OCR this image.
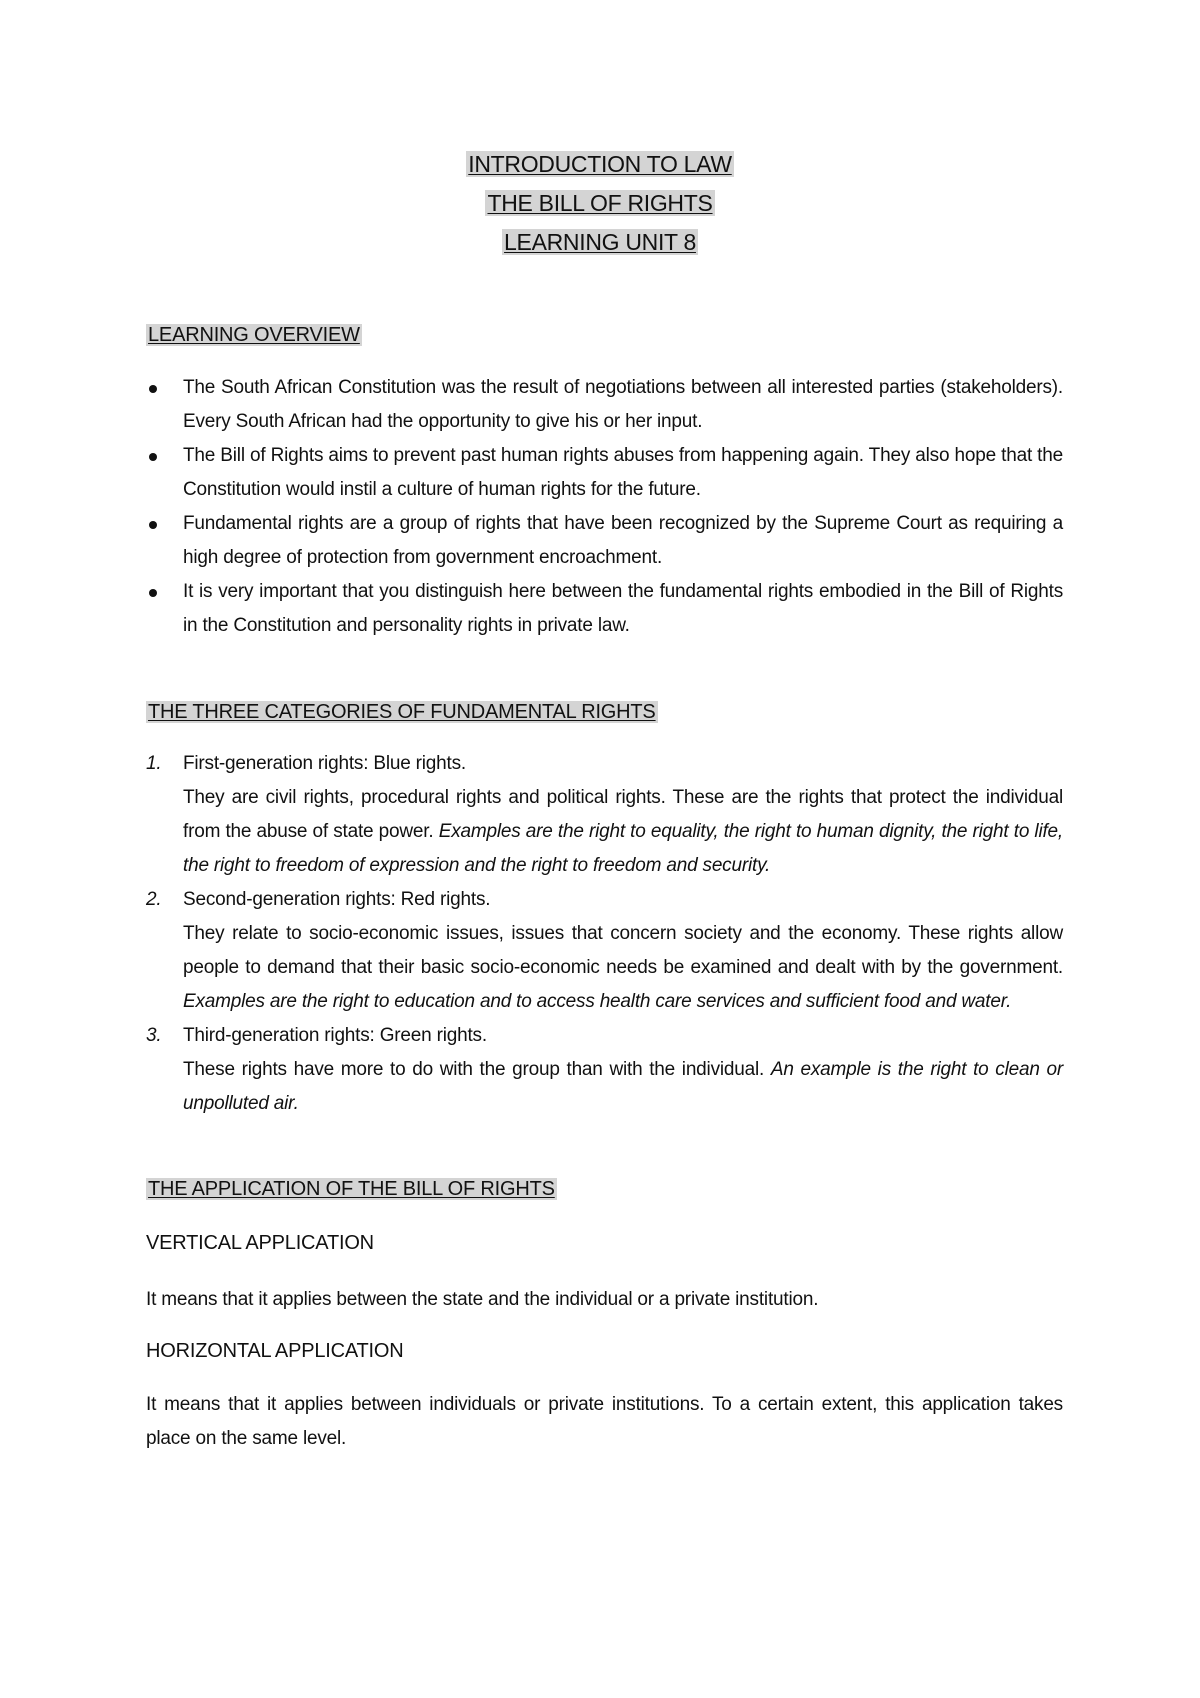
INTRODUCTION TO LAW
THE BILL OF RIGHTS
LEARNING UNIT 8
LEARNING OVERVIEW
The South African Constitution was the result of negotiations between all interested parties (stakeholders). Every South African had the opportunity to give his or her input.
The Bill of Rights aims to prevent past human rights abuses from happening again. They also hope that the Constitution would instil a culture of human rights for the future.
Fundamental rights are a group of rights that have been recognized by the Supreme Court as requiring a high degree of protection from government encroachment.
It is very important that you distinguish here between the fundamental rights embodied in the Bill of Rights in the Constitution and personality rights in private law.
THE THREE CATEGORIES OF FUNDAMENTAL RIGHTS
1. First-generation rights: Blue rights.
They are civil rights, procedural rights and political rights. These are the rights that protect the individual from the abuse of state power. Examples are the right to equality, the right to human dignity, the right to life, the right to freedom of expression and the right to freedom and security.
2. Second-generation rights: Red rights.
They relate to socio-economic issues, issues that concern society and the economy. These rights allow people to demand that their basic socio-economic needs be examined and dealt with by the government. Examples are the right to education and to access health care services and sufficient food and water.
3. Third-generation rights: Green rights.
These rights have more to do with the group than with the individual. An example is the right to clean or unpolluted air.
THE APPLICATION OF THE BILL OF RIGHTS
VERTICAL APPLICATION
It means that it applies between the state and the individual or a private institution.
HORIZONTAL APPLICATION
It means that it applies between individuals or private institutions. To a certain extent, this application takes place on the same level.
